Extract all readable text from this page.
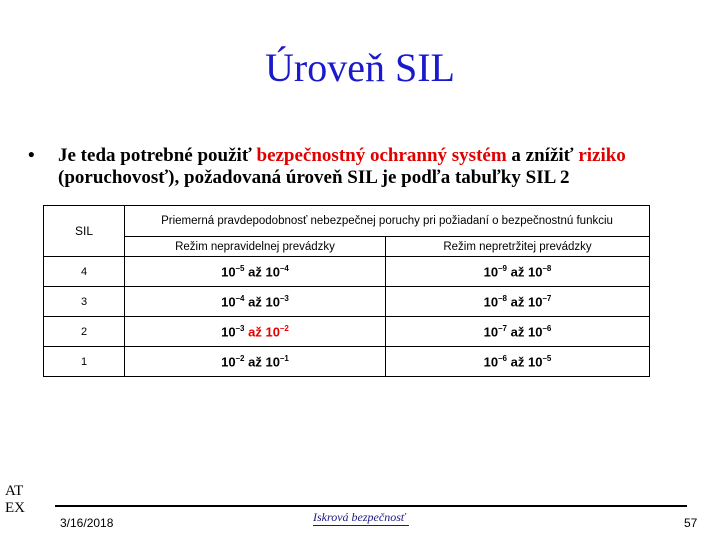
Úroveň SIL
• Je teda potrebné použiť bezpečnostný ochranný systém a znížiť riziko (poruchovosť), požadovaná úroveň SIL je podľa tabuľky SIL 2
SIL	Priemerná pravdepodobnosť nebezpečnej poruchy pri požiadaní o bezpečnostnú funkciu	
	Režim nepravidelnej prevádzky	Režim nepretržitej prevádzky
4	$10^{-5}$ až $10^{-4}$	$10^{-9}$ až $10^{-8}$
3	$10^{-4}$ až $10^{-3}$	$10^{-8}$ až $10^{-7}$
2	$10^{-3}$ až $10^{-2}$	$10^{-7}$ až $10^{-6}$
1	$10^{-2}$ až $10^{-1}$	$10^{-6}$ až $10^{-5}$
AT
EX
3/16/2018	Iskrová bezpečnosť	57
